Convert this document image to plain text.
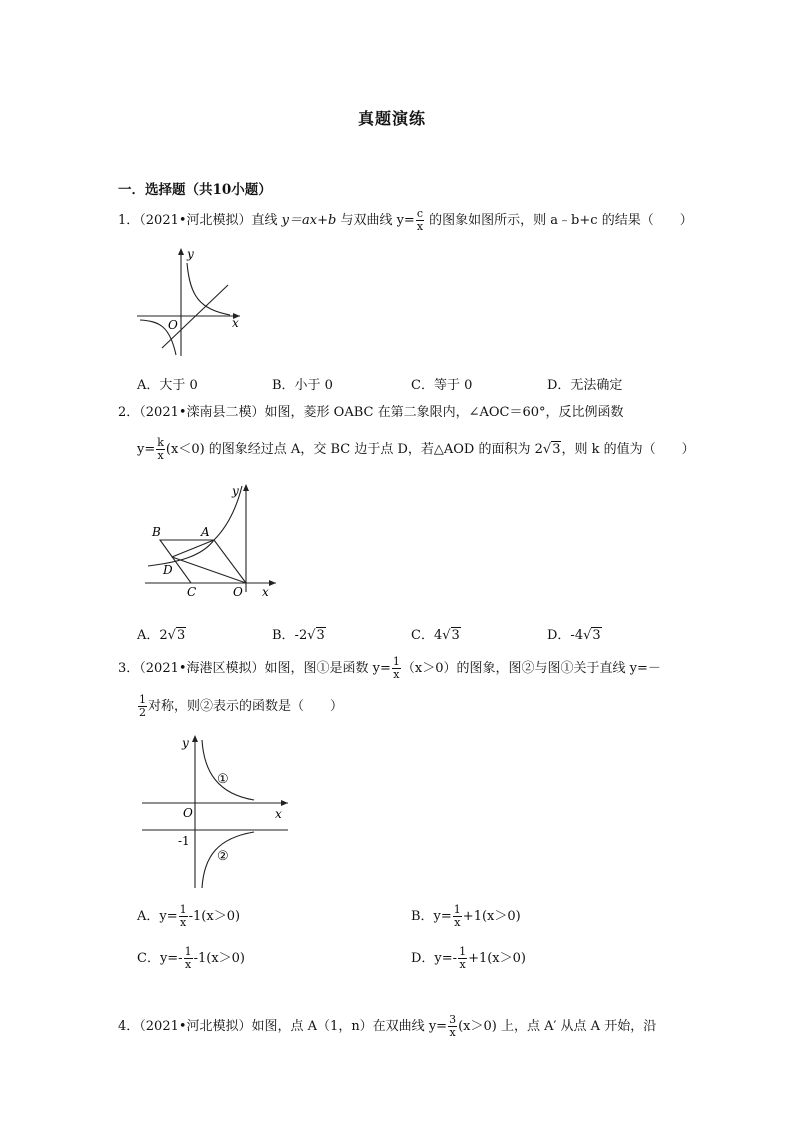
真题演练
一．选择题（共10小题）
1．（2021•河北模拟）直线 y＝ax+b 与双曲线 $y= \frac{c}{x}$ 的图象如图所示，则 a﹣b+c 的结果（　　）
y
x
O
A．大于 0	B．小于 0	C．等于 0	D．无法确定
2．（2021•滦南县二模）如图，菱形 OABC 在第二象限内，∠AOC＝60°，反比例函数
$y= \frac{k}{x} (x<0)$ 的图象经过点 A，交 BC 边于点 D，若△AOD 的面积为 2√3，则 k 的值为（　　）
B	A
D
C	O x
y
A．2√3	B．-2√3	C．4√3	D．-4√3
3．（2021•海港区模拟）如图，图①是函数 $y= \frac{1}{x} (x>0)$的图象，图②与图①关于直线 y=－
$\frac{1}{2}$ 对称，则②表示的函数是（　　）
y
x
O
-1
①
②
A．$y= \frac{1}{x} -1(x>0)$	B．$y= \frac{1}{x} +1(x>0)$
C．$y=- \frac{1}{x} -1(x>0)$	D．$y=- \frac{1}{x} +1(x>0)$
4．（2021•河北模拟）如图，点 A（1，n）在双曲线 $y= \frac{3}{x} (x>0)$ 上，点 A′ 从点 A 开始，沿
